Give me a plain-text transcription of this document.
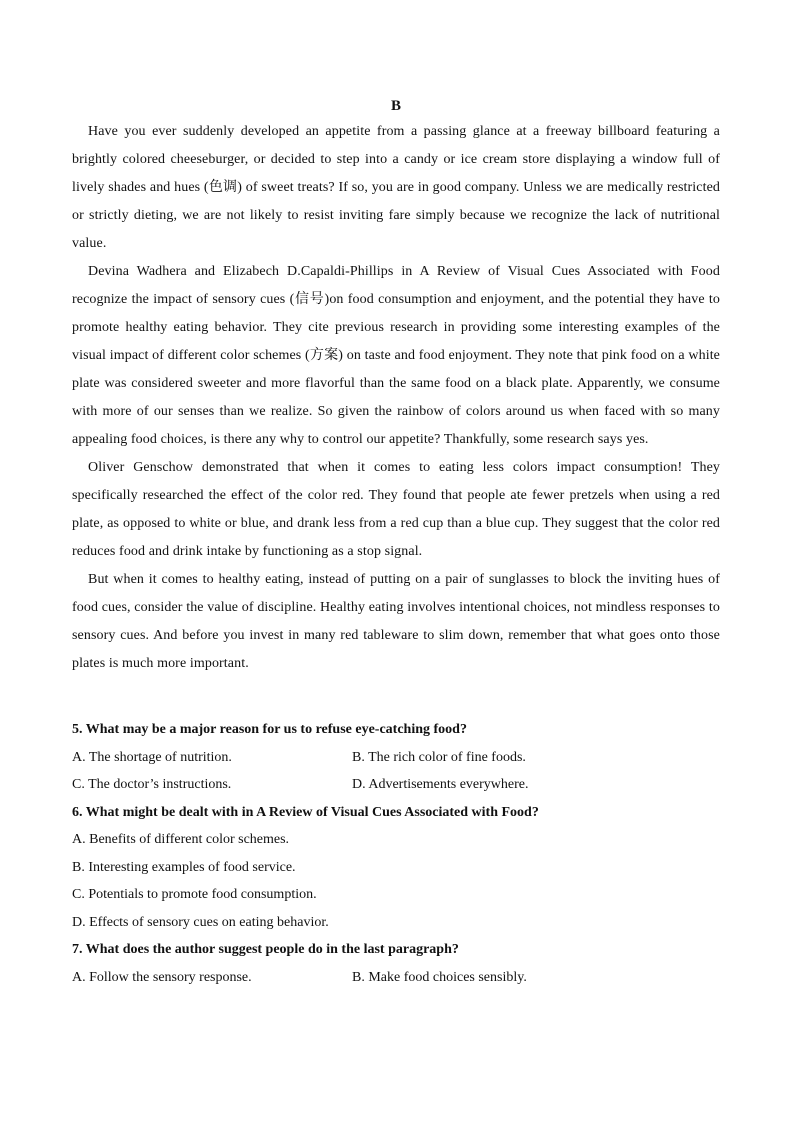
B

Have you ever suddenly developed an appetite from a passing glance at a freeway billboard featuring a brightly colored cheeseburger, or decided to step into a candy or ice cream store displaying a window full of lively shades and hues (色调) of sweet treats? If so, you are in good company. Unless we are medically restricted or strictly dieting, we are not likely to resist inviting fare simply because we recognize the lack of nutritional value.

Devina Wadhera and Elizabech D.Capaldi-Phillips in A Review of Visual Cues Associated with Food recognize the impact of sensory cues (信号)on food consumption and enjoyment, and the potential they have to promote healthy eating behavior. They cite previous research in providing some interesting examples of the visual impact of different color schemes (方案) on taste and food enjoyment. They note that pink food on a white plate was considered sweeter and more flavorful than the same food on a black plate. Apparently, we consume with more of our senses than we realize. So given the rainbow of colors around us when faced with so many appealing food choices, is there any why to control our appetite? Thankfully, some research says yes.

Oliver Genschow demonstrated that when it comes to eating less colors impact consumption! They specifically researched the effect of the color red. They found that people ate fewer pretzels when using a red plate, as opposed to white or blue, and drank less from a red cup than a blue cup. They suggest that the color red reduces food and drink intake by functioning as a stop signal.

But when it comes to healthy eating, instead of putting on a pair of sunglasses to block the inviting hues of food cues, consider the value of discipline. Healthy eating involves intentional choices, not mindless responses to sensory cues. And before you invest in many red tableware to slim down, remember that what goes onto those plates is much more important.

5. What may be a major reason for us to refuse eye-catching food?

A. The shortage of nutrition.	B. The rich color of fine foods.
C. The doctor’s instructions.	D. Advertisements everywhere.

6. What might be dealt with in A Review of Visual Cues Associated with Food?

A. Benefits of different color schemes.

B. Interesting examples of food service.

C. Potentials to promote food consumption.

D. Effects of sensory cues on eating behavior.

7. What does the author suggest people do in the last paragraph?

A. Follow the sensory response.	B. Make food choices sensibly.
